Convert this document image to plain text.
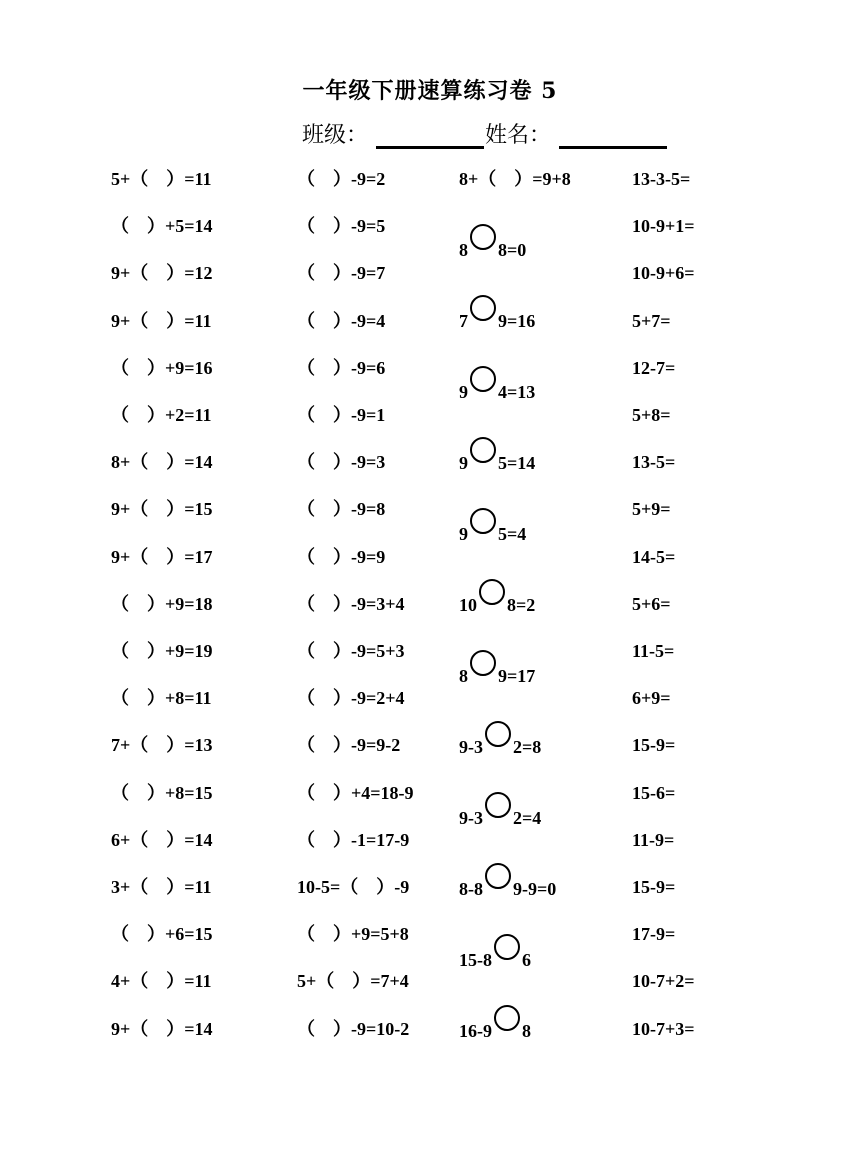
一年级下册速算练习卷 5
班级：	姓名：
5+（　）=11
（　）+5=14
9+（　）=12
9+（　）=11
（　）+9=16
（　）+2=11
8+（　）=14
9+（　）=15
9+（　）=17
（　）+9=18
（　）+9=19
（　）+8=11
7+（　）=13
（　）+8=15
6+（　）=14
3+（　）=11
（　）+6=15
4+（　）=11
9+（　）=14
（　）-9=2
（　）-9=5
（　）-9=7
（　）-9=4
（　）-9=6
（　）-9=1
（　）-9=3
（　）-9=8
（　）-9=9
（　）-9=3+4
（　）-9=5+3
（　）-9=2+4
（　）-9=9-2
（　）+4=18-9
（　）-1=17-9
10-5=（　）-9
（　）+9=5+8
5+（　）=7+4
（　）-9=10-2
8+（　）=9+8
8 8=0
7 9=16
9 4=13
9 5=14
9 5=4
10 8=2
8 9=17
9-3 2=8
9-3 2=4
8-8 9-9=0
15-8 6
16-9 8
13-3-5=
10-9+1=
10-9+6=
5+7=
12-7=
5+8=
13-5=
5+9=
14-5=
5+6=
11-5=
6+9=
15-9=
15-6=
11-9=
15-9=
17-9=
10-7+2=
10-7+3=
